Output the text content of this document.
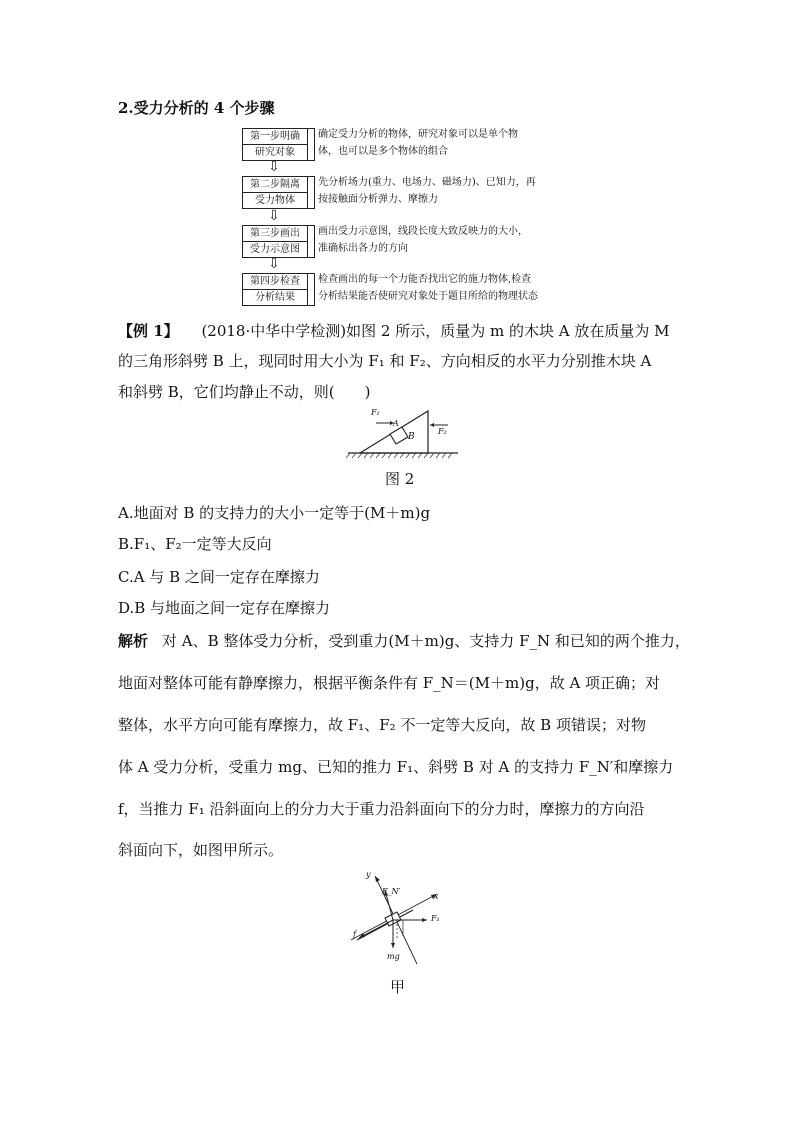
2.受力分析的 4 个步骤
第一步明确
研究对象
确定受力分析的物体，研究对象可以是单个物
体，也可以是多个物体的组合
⇩
第二步隔离
受力物体
先分析场力(重力、电场力、磁场力)、已知力，再
按接触面分析弹力、摩擦力
⇩
第三步画出
受力示意图
画出受力示意图，线段长度大致反映力的大小，
准确标出各力的方向
⇩
第四步检查
分析结果
检查画出的每一个力能否找出它的施力物体,检查
分析结果能否使研究对象处于题目所给的物理状态
【例 1】 (2018·中华中学检测)如图 2 所示，质量为 m 的木块 A 放在质量为 M
的三角形斜劈 B 上，现同时用大小为 F₁ 和 F₂、方向相反的水平力分别推木块 A
和斜劈 B，它们均静止不动，则(　　)
F₁
A
B
F₂
图 2
A.地面对 B 的支持力的大小一定等于(M＋m)g
B.F₁、F₂一定等大反向
C.A 与 B 之间一定存在摩擦力
D.B 与地面之间一定存在摩擦力
解析 对 A、B 整体受力分析，受到重力(M＋m)g、支持力 F_N 和已知的两个推力，
地面对整体可能有静摩擦力，根据平衡条件有 F_N＝(M＋m)g，故 A 项正确；对
整体，水平方向可能有摩擦力，故 F₁、F₂ 不一定等大反向，故 B 项错误；对物
体 A 受力分析，受重力 mg、已知的推力 F₁、斜劈 B 对 A 的支持力 F_N′和摩擦力
f，当推力 F₁ 沿斜面向上的分力大于重力沿斜面向下的分力时，摩擦力的方向沿
斜面向下，如图甲所示。
y
F_N′
x
F₁
f
mg
甲
